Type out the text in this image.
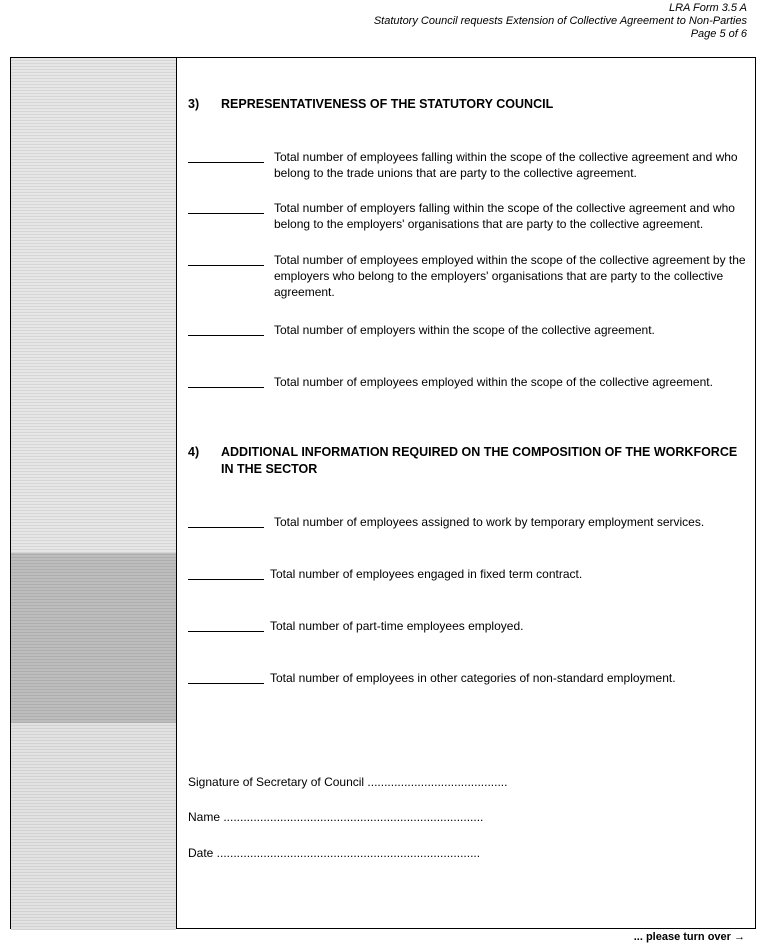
LRA Form 3.5 A
Statutory Council requests Extension of Collective Agreement to Non-Parties
Page 5 of 6
3) REPRESENTATIVENESS OF THE STATUTORY COUNCIL
Total number of employees falling within the scope of the collective agreement and who belong to the trade unions that are party to the collective agreement.
Total number of employers falling within the scope of the collective agreement and who belong to the employers' organisations that are party to the collective agreement.
Total number of employees employed within the scope of the collective agreement by the employers who belong to the employers' organisations that are party to the collective agreement.
Total number of employers within the scope of the collective agreement.
Total number of employees employed within the scope of the collective agreement.
4) ADDITIONAL INFORMATION REQUIRED ON THE COMPOSITION OF THE WORKFORCE IN THE SECTOR
Total number of employees assigned to work by temporary employment services.
Total number of employees engaged in fixed term contract.
Total number of part-time employees employed.
Total number of employees in other categories of non-standard employment.
Signature of Secretary of Council ..........................................
Name ..............................................................................
Date ...............................................................................
... please turn over →
